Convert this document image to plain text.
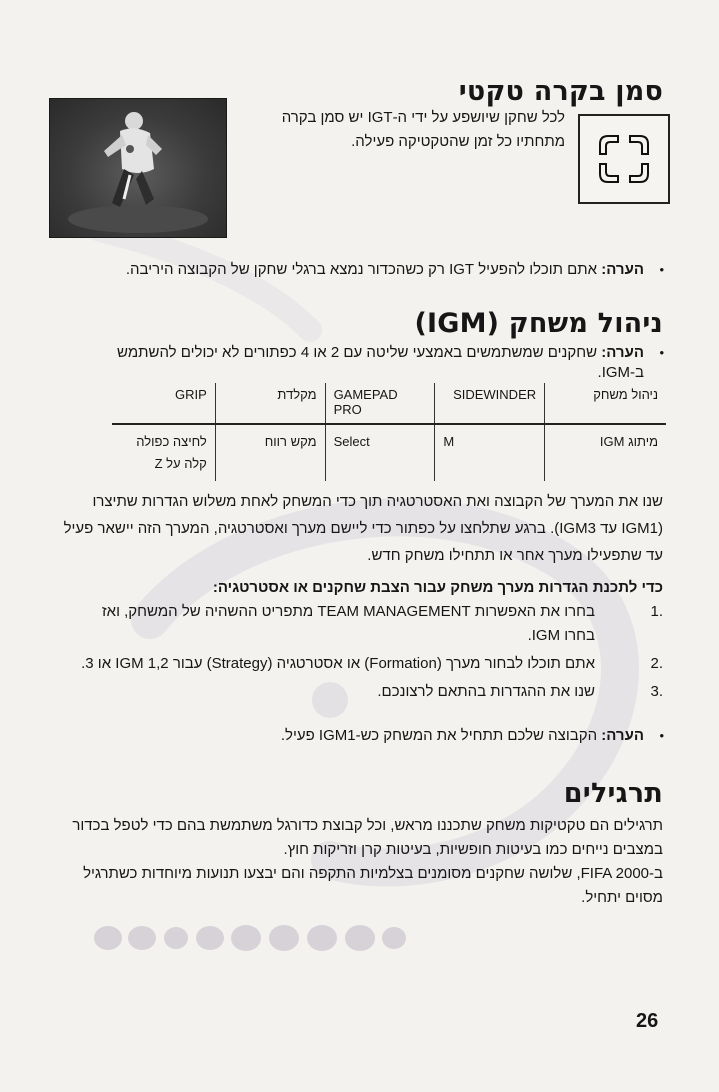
סמן בקרה טקטי
לכל שחקן שיושפע על ידי ה-IGT יש סמן בקרה מתחתיו כל זמן שהטקטיקה פעילה.
•
הערה: אתם תוכלו להפעיל IGT רק כשהכדור נמצא ברגלי שחקן של הקבוצה היריבה.
ניהול משחק (IGM)
•
הערה: שחקנים שמשתמשים באמצעי שליטה עם 2 או 4 כפתורים לא יכולים להשתמש ב-IGM.
ניהול משחק	SIDEWINDER	GAMEPAD PRO	מקלדת	GRIP
מיתוג IGM	M	Select	מקש רווח	לחיצה כפולה קלה על Z
שנו את המערך של הקבוצה ואת האסטרטגיה תוך כדי המשחק לאחת משלוש הגדרות שתיצרו (IGM1 עד IGM3). ברגע שתלחצו על כפתור כדי ליישם מערך ואסטרטגיה, המערך הזה יישאר פעיל עד שתפעילו מערך אחר או תתחילו משחק חדש.
כדי לתכנת הגדרות מערך משחק עבור הצבת שחקנים או אסטרטגיה:
1.
בחרו את האפשרות TEAM MANAGEMENT מתפריט ההשהיה של המשחק, ואז בחרו IGM.
2.
אתם תוכלו לבחור מערך (Formation) או אסטרטגיה (Strategy) עבור IGM 1,2 או 3.
3.
שנו את ההגדרות בהתאם לרצונכם.
•
הערה: הקבוצה שלכם תתחיל את המשחק כש-IGM1 פעיל.
תרגילים
תרגילים הם טקטיקות משחק שתכננו מראש, וכל קבוצת כדורגל משתמשת בהם כדי לטפל בכדור במצבים נייחים כמו בעיטות חופשיות, בעיטות קרן וזריקות חוץ.
ב-FIFA 2000, שלושה שחקנים מסומנים בצלמיות התקפה והם יבצעו תנועות מיוחדות כשתרגיל מסוים יתחיל.
26
